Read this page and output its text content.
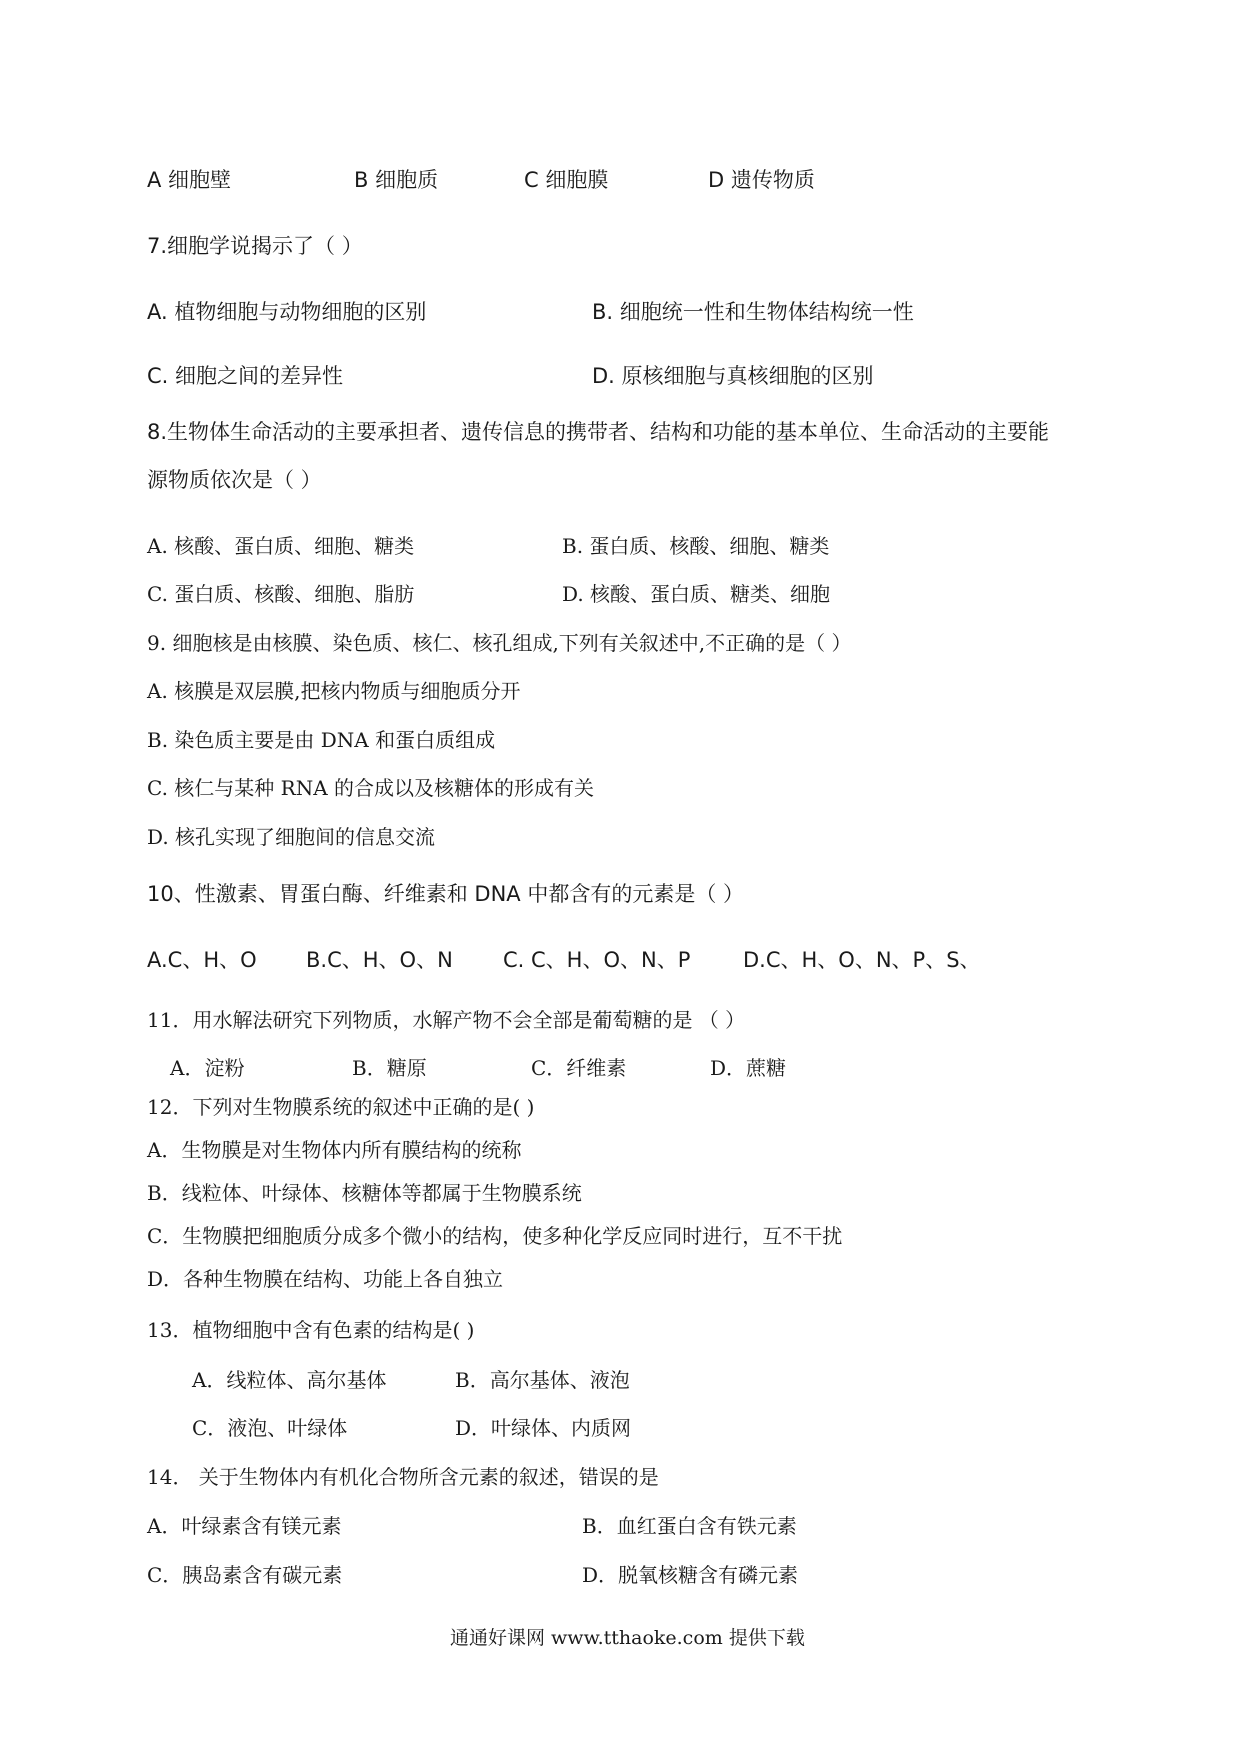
A 细胞壁	B 细胞质	C 细胞膜	D 遗传物质
7.细胞学说揭示了（ ）
A. 植物细胞与动物细胞的区别	B. 细胞统一性和生物体结构统一性
C. 细胞之间的差异性	D. 原核细胞与真核细胞的区别
8.生物体生命活动的主要承担者、遗传信息的携带者、结构和功能的基本单位、生命活动的主要能
源物质依次是（ ）
A. 核酸、蛋白质、细胞、糖类	B. 蛋白质、核酸、细胞、糖类
C. 蛋白质、核酸、细胞、脂肪	D. 核酸、蛋白质、糖类、细胞
9. 细胞核是由核膜、染色质、核仁、核孔组成,下列有关叙述中,不正确的是（ ）
A. 核膜是双层膜,把核内物质与细胞质分开
B. 染色质主要是由 DNA 和蛋白质组成
C. 核仁与某种 RNA 的合成以及核糖体的形成有关
D. 核孔实现了细胞间的信息交流
10、性激素、胃蛋白酶、纤维素和 DNA 中都含有的元素是（ ）
A.C、H、O B.C、H、O、N C. C、H、O、N、P	D.C、H、O、N、P、S、
11．用水解法研究下列物质，水解产物不会全部是葡萄糖的是 （ ）
A．淀粉	B．糖原	C．纤维素	D．蔗糖
12．下列对生物膜系统的叙述中正确的是( )
A．生物膜是对生物体内所有膜结构的统称
B．线粒体、叶绿体、核糖体等都属于生物膜系统
C．生物膜把细胞质分成多个微小的结构，使多种化学反应同时进行，互不干扰
D．各种生物膜在结构、功能上各自独立
13．植物细胞中含有色素的结构是( )
A．线粒体、高尔基体	B．高尔基体、液泡
C．液泡、叶绿体	D．叶绿体、内质网
14． 关于生物体内有机化合物所含元素的叙述，错误的是
A．叶绿素含有镁元素	B．血红蛋白含有铁元素
C．胰岛素含有碳元素	D．脱氧核糖含有磷元素
通通好课网 www.tthaoke.com 提供下载
